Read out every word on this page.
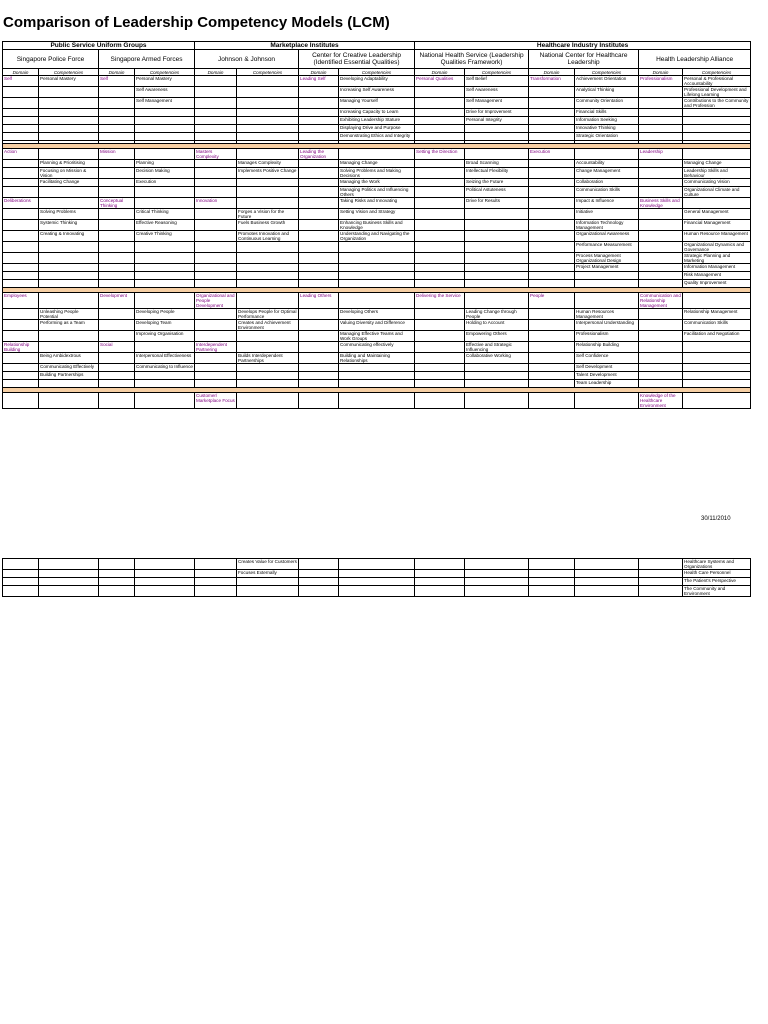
Comparison of Leadership Competency Models (LCM)
Public Service Uniform Groups				Marketplace Institutes				Healthcare Industry Institutes					
Singapore Police Force		Singapore Armed Forces		Johnson & Johnson		Center for Creative Leadership (Identified Essential Qualities)		National Health Service (Leadership Qualities Framework)		National Center for Healthcare Leadership		Health Leadership Alliance	
Domain	Competencies	Domain	Competencies	Domain	Competencies	Domain	Competencies	Domain	Competencies	Domain	Competencies	Domain	Competencies
Self	Personal Mastery	Self	Personal Mastery			Leading Self	Developing Adaptability	Personal Qualities	Self Belief	Transformation	Achievement Orientation	Professionalism	Personal & Professional Accountability
			Self Awareness				Increasing Self Awareness		Self Awareness		Analytical Thinking		Professional Development and Lifelong Learning
			Self Management				Managing Yourself		Self Management		Community Orientation		Contributions to the Community and Profession
							Increasing Capacity to Learn		Drive for Improvement		Financial Skills		
							Exhibiting Leadership Stature		Personal Integrity		Information Seeking		
							Displaying Drive and Purpose				Innovative Thinking		
							Demonstrating Ethics and Integrity				Strategic Orientation		

Action		Mission		Masters Complexity		Leading the Organization		Setting the Direction		Execution		Leadership	
	Planning & Prioritising		Planning		Manages Complexity		Managing Change		Broad Scanning		Accountability		Managing Change
	Focusing on Mission & Vision		Decision Making		Implements Positive Change		Solving Problems and Making Decisions		Intellectual Flexibility		Change Management		Leadership Skills and Behaviour
	Facilitating Change		Execution				Managing the Work		Seizing the Future		Collaboration		Communicating Vision
							Managing Politics and Influencing Others		Political Astuteness		Communication Skills		Organizational Climate and Culture
Deliberations		Conceptual Thinking		Innovation			Taking Risks and Innovating		Drive for Results		Impact & Influence	Business Skills and Knowledge	
	Solving Problems		Critical Thinking		Forges a Vision for the Future		Setting Vision and Strategy				Initiative		General Management
	Systemic Thinking		Effective Reasoning		Fuels Business Growth		Enhancing Business Skills and Knowledge				Information Technology Management		Financial Management
	Creating & Innovating		Creative Thinking		Promotes Innovation and Continuous Learning		Understanding and Navigating the Organization				Organizational Awareness		Human Resource Management
											Performance Measurement		Organizational Dynamics and Governance
											Process Management Organizational Design		Strategic Planning and Marketing
											Project Management		Information Management
													Risk Management
													Quality Improvement

Employees		Development		Organizational and People Development		Leading Others		Delivering the Service		People		Communication and Relationship Management	
	Unleashing People Potential		Developing People		Develops People for Optimal Performance		Developing Others		Leading Change through People		Human Resources Management		Relationship Management
	Performing as a Team		Developing Team		Creates and Achievement Environment		Valuing Diversity and Difference		Holding to Account		Interpersonal Understanding		Communication Skills
			Improving Organisation				Managing Effective Teams and Work Groups		Empowering Others		Professionalism		Facilitation and Negotiation
Relationship Building		Social		Interdependent Partnering			Communicating effectively		Effective and Strategic Influencing		Relationship Building		
	Being Ambidextrous		Interpersonal Effectiveness		Builds Interdependent Partnerships		Building and Maintaining Relationships		Collaborative Working		Self Confidence		
	Communicating Effectively		Communicating to Influence								Self Development		
	Building Partnerships										Talent Development		
											Team Leadership		

				Customer/ Marketplace Focus								Knowledge of the Healthcare Environment	
30/11/2010
					Creates Value for Customers								Healthcare Systems and Organizations
					Focuses Externally								Health Care Personnel
													The Patient's Perspective
													The Community and Environment
